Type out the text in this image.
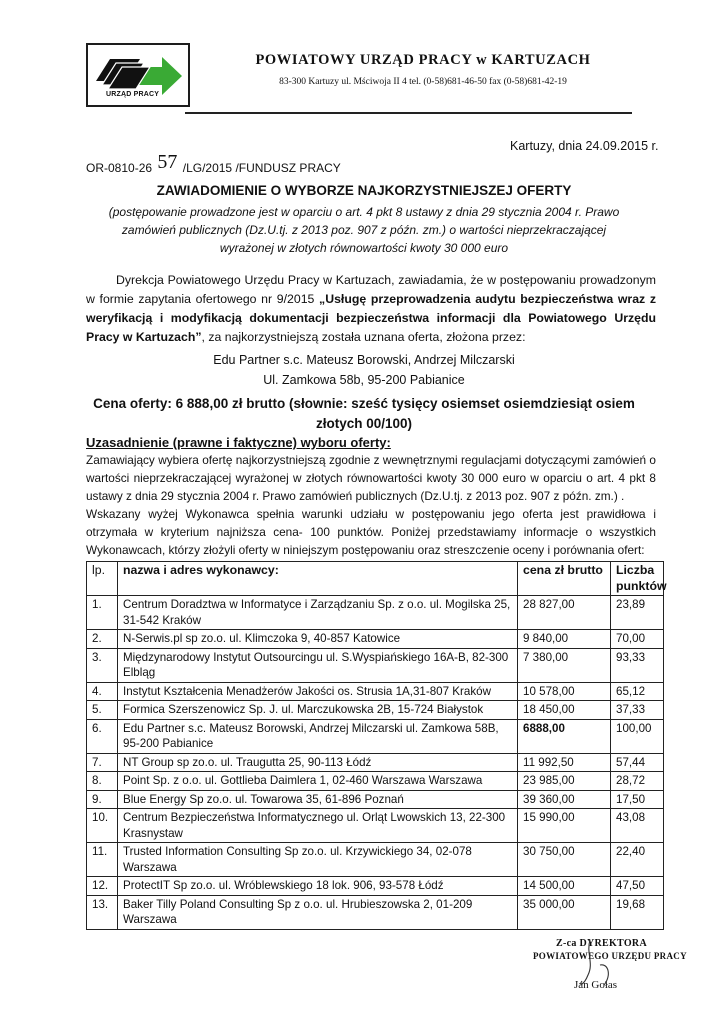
URZĄD PRACY
POWIATOWY URZĄD PRACY w KARTUZACH
83-300 Kartuzy ul. Mściwoja II 4 tel. (0-58)681-46-50 fax (0-58)681-42-19
Kartuzy, dnia 24.09.2015 r.
OR-0810-26 57 /LG/2015 /FUNDUSZ PRACY
ZAWIADOMIENIE O WYBORZE NAJKORZYSTNIEJSZEJ OFERTY
(postępowanie prowadzone jest w oparciu o art. 4 pkt 8 ustawy z dnia 29 stycznia 2004 r. Prawo zamówień publicznych (Dz.U.tj. z 2013 poz. 907 z późn. zm.) o wartości nieprzekraczającej wyrażonej w złotych równowartości kwoty 30 000 euro
Dyrekcja Powiatowego Urzędu Pracy w Kartuzach, zawiadamia, że w postępowaniu prowadzonym w formie zapytania ofertowego nr 9/2015 „Usługę przeprowadzenia audytu bezpieczeństwa wraz z weryfikacją i modyfikacją dokumentacji bezpieczeństwa informacji dla Powiatowego Urzędu Pracy w Kartuzach”, za najkorzystniejszą została uznana oferta, złożona przez:
Edu Partner s.c. Mateusz Borowski, Andrzej Milczarski
Ul. Zamkowa 58b, 95-200 Pabianice
Cena oferty: 6 888,00 zł brutto (słownie: sześć tysięcy osiemset osiemdziesiąt osiem złotych 00/100)
Uzasadnienie (prawne i faktyczne) wyboru oferty:
Zamawiający wybiera ofertę najkorzystniejszą zgodnie z wewnętrznymi regulacjami dotyczącymi zamówień o wartości nieprzekraczającej wyrażonej w złotych równowartości kwoty 30 000 euro w oparciu o art. 4 pkt 8 ustawy z dnia 29 stycznia 2004 r. Prawo zamówień publicznych (Dz.U.tj. z 2013 poz. 907 z późn. zm.) .
Wskazany wyżej Wykonawca spełnia warunki udziału w postępowaniu jego oferta jest prawidłowa i otrzymała w kryterium najniższa cena- 100 punktów. Poniżej przedstawiamy informacje o wszystkich Wykonawcach, którzy złożyli oferty w niniejszym postępowaniu oraz streszczenie oceny i porównania ofert:
lp.	nazwa i adres wykonawcy:	cena zł brutto	Liczba punktów
1.	Centrum Doradztwa w Informatyce i Zarządzaniu Sp. z o.o. ul. Mogilska 25, 31-542 Kraków	28 827,00	23,89
2.	N-Serwis.pl sp zo.o. ul. Klimczoka 9, 40-857 Katowice	9 840,00	70,00
3.	Międzynarodowy Instytut Outsourcingu ul. S.Wyspiańskiego 16A-B, 82-300 Elbląg	7 380,00	93,33
4.	Instytut Kształcenia Menadżerów Jakości os. Strusia 1A,31-807 Kraków	10 578,00	65,12
5.	Formica Szerszenowicz Sp. J. ul. Marczukowska 2B, 15-724 Białystok	18 450,00	37,33
6.	Edu Partner s.c. Mateusz Borowski, Andrzej Milczarski ul. Zamkowa 58B, 95-200 Pabianice	6888,00	100,00
7.	NT Group sp zo.o. ul. Traugutta 25, 90-113 Łódź	11 992,50	57,44
8.	Point Sp. z o.o. ul. Gottlieba Daimlera 1, 02-460 Warszawa Warszawa	23 985,00	28,72
9.	Blue Energy Sp zo.o. ul. Towarowa 35, 61-896 Poznań	39 360,00	17,50
10.	Centrum Bezpieczeństwa Informatycznego ul. Orląt Lwowskich 13, 22-300 Krasnystaw	15 990,00	43,08
11.	Trusted Information Consulting Sp zo.o. ul. Krzywickiego 34, 02-078 Warszawa	30 750,00	22,40
12.	ProtectIT Sp zo.o. ul. Wróblewskiego 18 lok. 906, 93-578 Łódź	14 500,00	47,50
13.	Baker Tilly Poland Consulting Sp z o.o. ul. Hrubieszowska 2, 01-209 Warszawa	35 000,00	19,68
Z-ca DYREKTORA
POWIATOWEGO URZĘDU PRACY
Jan Gołas
